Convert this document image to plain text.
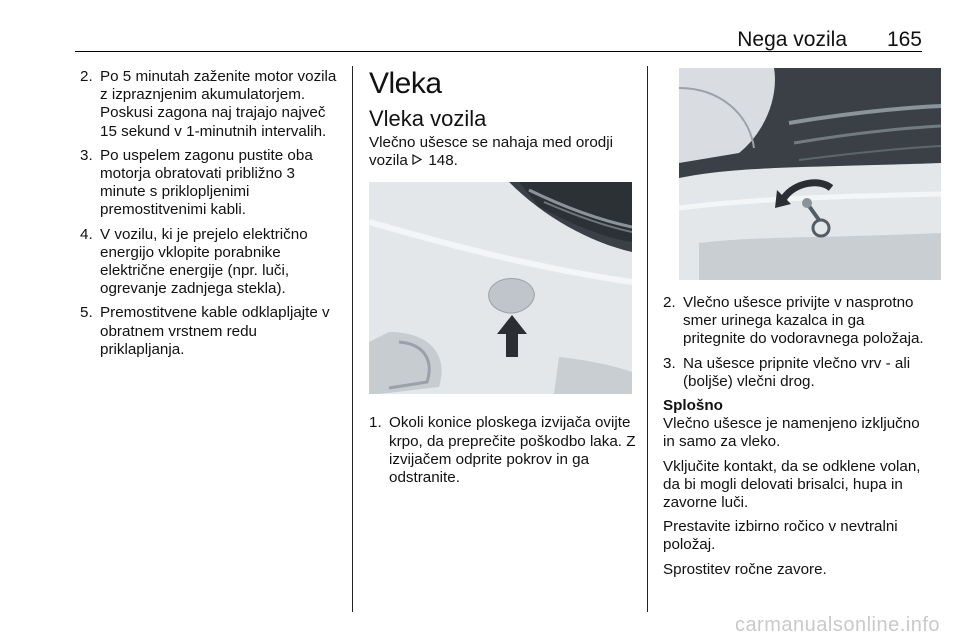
Nega vozila 165
2. Po 5 minutah zaženite motor vozila z izpraznjenim akumulatorjem. Poskusi zagona naj trajajo največ 15 sekund v 1-minutnih intervalih.
3. Po uspelem zagonu pustite oba motorja obratovati približno 3 minute s priklopljenimi premostitvenimi kabli.
4. V vozilu, ki je prejelo električno energijo vklopite porabnike električne energije (npr. luči, ogrevanje zadnjega stekla).
5. Premostitvene kable odklapljajte v obratnem vrstnem redu priklapljanja.
Vleka
Vleka vozila

Vlečno ušesce se nahaja med orodji vozila 148.

1. Okoli konice ploskega izvijača ovijte krpo, da preprečite poškodbo laka. Z izvijačem odprite pokrov in ga odstranite.
2. Vlečno ušesce privijte v nasprotno smer urinega kazalca in ga pritegnite do vodoravnega položaja.
3. Na ušesce pripnite vlečno vrv - ali (boljše) vlečni drog.
Splošno

Vlečno ušesce je namenjeno izključno in samo za vleko.

Vključite kontakt, da se odklene volan, da bi mogli delovati brisalci, hupa in zavorne luči.

Prestavite izbirno ročico v nevtralni položaj.

Sprostitev ročne zavore.

carmanualsonline.info
